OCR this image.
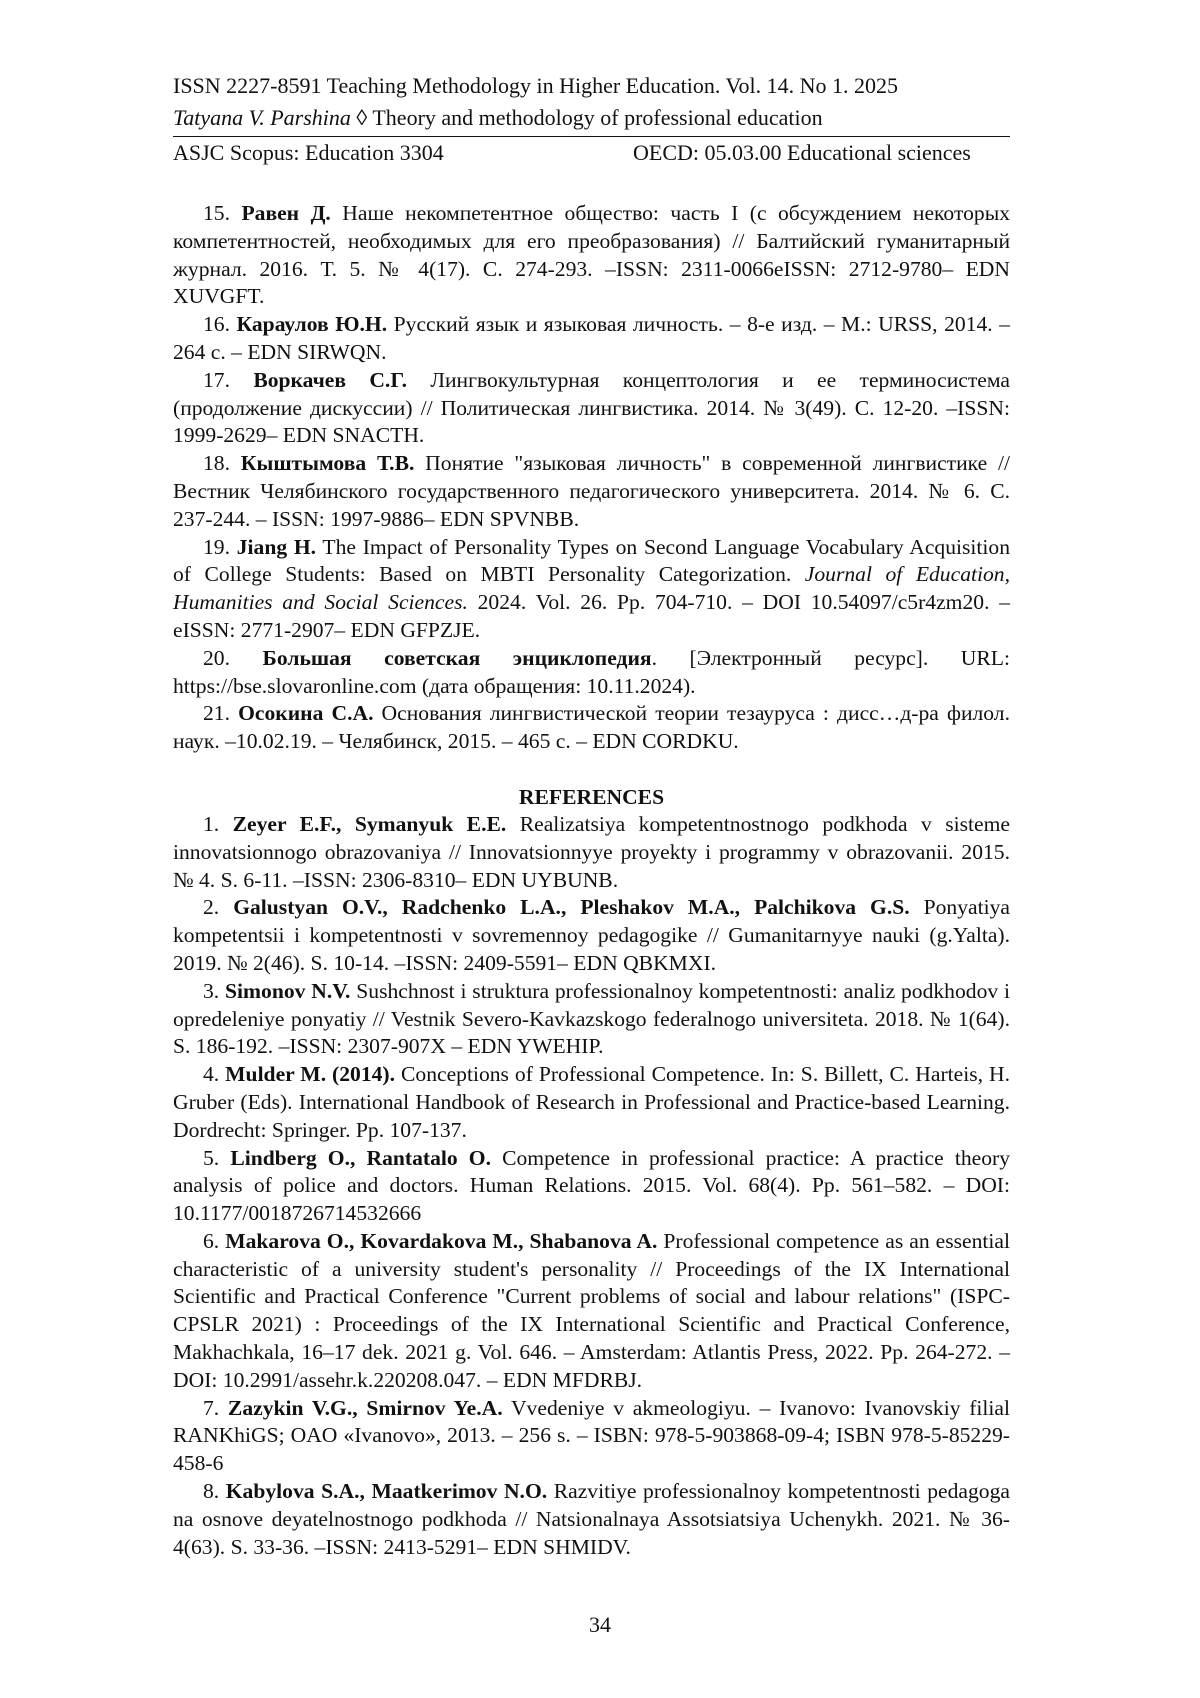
ISSN 2227-8591 Teaching Methodology in Higher Education. Vol. 14. No 1. 2025
Tatyana V. Parshina ◊ Theory and methodology of professional education
ASJC Scopus: Education 3304	OECD: 05.03.00 Educational sciences

15. Равен Д. Наше некомпетентное общество: часть I (с обсуждением некоторых компетентностей, необходимых для его преобразования) // Балтийский гуманитарный журнал. 2016. Т. 5. № 4(17). С. 274-293. –ISSN: 2311-0066eISSN: 2712-9780– EDN XUVGFT.

16. Караулов Ю.Н. Русский язык и языковая личность. – 8-е изд. – М.: URSS, 2014. – 264 с. – EDN SIRWQN.

17. Воркачев С.Г. Лингвокультурная концептология и ее терминосистема (продолжение дискуссии) // Политическая лингвистика. 2014. № 3(49). С. 12-20. –ISSN: 1999-2629– EDN SNACTH.

18. Кыштымова Т.В. Понятие "языковая личность" в современной лингвистике // Вестник Челябинского государственного педагогического университета. 2014. № 6. С. 237-244. – ISSN: 1997-9886– EDN SPVNBB.

19. Jiang H. The Impact of Personality Types on Second Language Vocabulary Acquisition of College Students: Based on MBTI Personality Categorization. Journal of Education, Humanities and Social Sciences. 2024. Vol. 26. Pp. 704-710. – DOI 10.54097/c5r4zm20. –eISSN: 2771-2907– EDN GFPZJE.

20. Большая советская энциклопедия. [Электронный ресурс]. URL: https://bse.slovaronline.com (дата обращения: 10.11.2024).

21. Осокина С.А. Основания лингвистической теории тезауруса : дисс…д-ра филол. наук. –10.02.19. – Челябинск, 2015. – 465 с. – EDN CORDKU.

REFERENCES

1. Zeyer E.F., Symanyuk E.E. Realizatsiya kompetentnostnogo podkhoda v sisteme innovatsionnogo obrazovaniya // Innovatsionnyye proyekty i programmy v obrazovanii. 2015. № 4. S. 6-11. –ISSN: 2306-8310– EDN UYBUNB.

2. Galustyan O.V., Radchenko L.A., Pleshakov M.A., Palchikova G.S. Ponyatiya kompetentsii i kompetentnosti v sovremennoy pedagogike // Gumanitarnyye nauki (g.Yalta). 2019. № 2(46). S. 10-14. –ISSN: 2409-5591– EDN QBKMXI.

3. Simonov N.V. Sushchnost i struktura professionalnoy kompetentnosti: analiz podkhodov i opredeleniye ponyatiy // Vestnik Severo-Kavkazskogo federalnogo universiteta. 2018. № 1(64). S. 186-192. –ISSN: 2307-907X – EDN YWEHIP.

4. Mulder M. (2014). Conceptions of Professional Competence. In: S. Billett, C. Harteis, H. Gruber (Eds). International Handbook of Research in Professional and Practice-based Learning. Dordrecht: Springer. Pp. 107-137.

5. Lindberg O., Rantatalo O. Competence in professional practice: A practice theory analysis of police and doctors. Human Relations. 2015. Vol. 68(4). Pp. 561–582. – DOI: 10.1177/0018726714532666

6. Makarova O., Kovardakova M., Shabanova A. Professional competence as an essential characteristic of a university student's personality // Proceedings of the IX International Scientific and Practical Conference "Current problems of social and labour relations" (ISPC-CPSLR 2021) : Proceedings of the IX International Scientific and Practical Conference, Makhachkala, 16–17 dek. 2021 g. Vol. 646. – Amsterdam: Atlantis Press, 2022. Pp. 264-272. – DOI: 10.2991/assehr.k.220208.047. – EDN MFDRBJ.

7. Zazykin V.G., Smirnov Ye.A. Vvedeniye v akmeologiyu. – Ivanovo: Ivanovskiy filial RANKhiGS; OAO «Ivanovo», 2013. – 256 s. – ISBN: 978-5-903868-09-4; ISBN 978-5-85229-458-6

8. Kabylova S.A., Maatkerimov N.O. Razvitiye professionalnoy kompetentnosti pedagoga na osnove deyatelnostnogo podkhoda // Natsionalnaya Assotsiatsiya Uchenykh. 2021. № 36-4(63). S. 33-36. –ISSN: 2413-5291– EDN SHMIDV.

34
